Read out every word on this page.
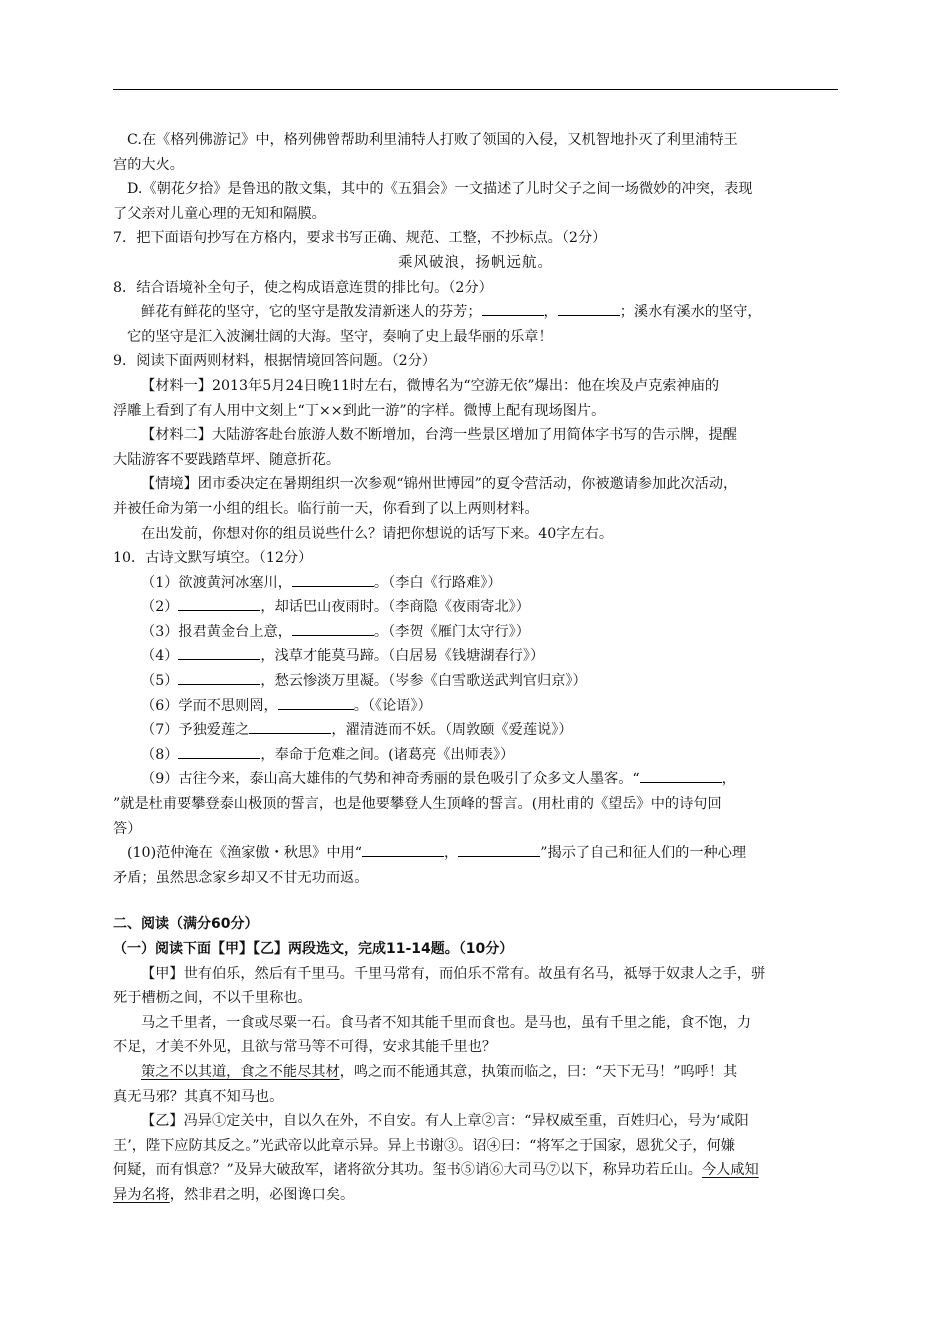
C.在《格列佛游记》中，格列佛曾帮助利里浦特人打败了领国的入侵，又机智地扑灭了利里浦特王
宫的大火。
D.《朝花夕拾》是鲁迅的散文集，其中的《五猖会》一文描述了儿时父子之间一场微妙的冲突，表现
了父亲对儿童心理的无知和隔膜。
7．把下面语句抄写在方格内，要求书写正确、规范、工整，不抄标点。（2分）
乘风破浪，扬帆远航。
8．结合语境补全句子，使之构成语意连贯的排比句。（2分）
鲜花有鲜花的坚守，它的坚守是散发清新迷人的芬芳；	，	；溪水有溪水的坚守，
它的坚守是汇入波澜壮阔的大海。坚守，奏响了史上最华丽的乐章！
9．阅读下面两则材料，根据情境回答问题。（2分）
【材料一】2013年5月24日晚11时左右，微博名为“空游无依”爆出：他在埃及卢克索神庙的
浮雕上看到了有人用中文刻上“丁××到此一游”的字样。微博上配有现场图片。
【材料二】大陆游客赴台旅游人数不断增加，台湾一些景区增加了用简体字书写的告示牌，提醒
大陆游客不要践踏草坪、随意折花。
【情境】团市委决定在暑期组织一次参观“锦州世博园”的夏令营活动，你被邀请参加此次活动，
并被任命为第一小组的组长。临行前一天，你看到了以上两则材料。
在出发前，你想对你的组员说些什么？请把你想说的话写下来。40字左右。
10．古诗文默写填空。（12分）
（1）欲渡黄河冰塞川，	。（李白《行路难》）
（2）	，却话巴山夜雨时。（李商隐《夜雨寄北》）
（3）报君黄金台上意，	。（李贺《雁门太守行》）
（4）	，浅草才能莫马蹄。（白居易《钱塘湖春行》）
（5）	，愁云惨淡万里凝。（岑参《白雪歌送武判官归京》）
（6）学而不思则罔，	。（《论语》）
（7）予独爱莲之	，濯清涟而不妖。（周敦颐《爱莲说》）
（8）	，奉命于危难之间。(诸葛亮《出师表》）
（9）古往今来，泰山高大雄伟的气势和神奇秀丽的景色吸引了众多文人墨客。“	，
”就是杜甫要攀登泰山极顶的誓言，也是他要攀登人生顶峰的誓言。(用杜甫的《望岳》中的诗句回
答）
(10)范仲淹在《渔家傲・秋思》中用“	，	”揭示了自己和征人们的一种心理
矛盾；虽然思念家乡却又不甘无功而返。
二、阅读（满分60分）
（一）阅读下面【甲】【乙】两段选文，完成11-14题。（10分）
【甲】世有伯乐，然后有千里马。千里马常有，而伯乐不常有。故虽有名马，祗辱于奴隶人之手，骈
死于槽枥之间，不以千里称也。
马之千里者，一食或尽粟一石。食马者不知其能千里而食也。是马也，虽有千里之能，食不饱，力
不足，才美不外见，且欲与常马等不可得，安求其能千里也？
策之不以其道，食之不能尽其材，鸣之而不能通其意，执策而临之，曰：“天下无马！”呜呼！其
真无马邪？其真不知马也。
【乙】冯异①定关中，自以久在外，不自安。有人上章②言：“异权威至重，百姓归心，号为‘咸阳
王’，陛下应防其反之。”光武帝以此章示异。异上书谢③。诏④曰：“将军之于国家，恩犹父子，何嫌
何疑，而有惧意？”及异大破敌军，诸将欲分其功。玺书⑤诮⑥大司马⑦以下，称异功若丘山。今人咸知
异为名将，然非君之明，必图谗口矣。
